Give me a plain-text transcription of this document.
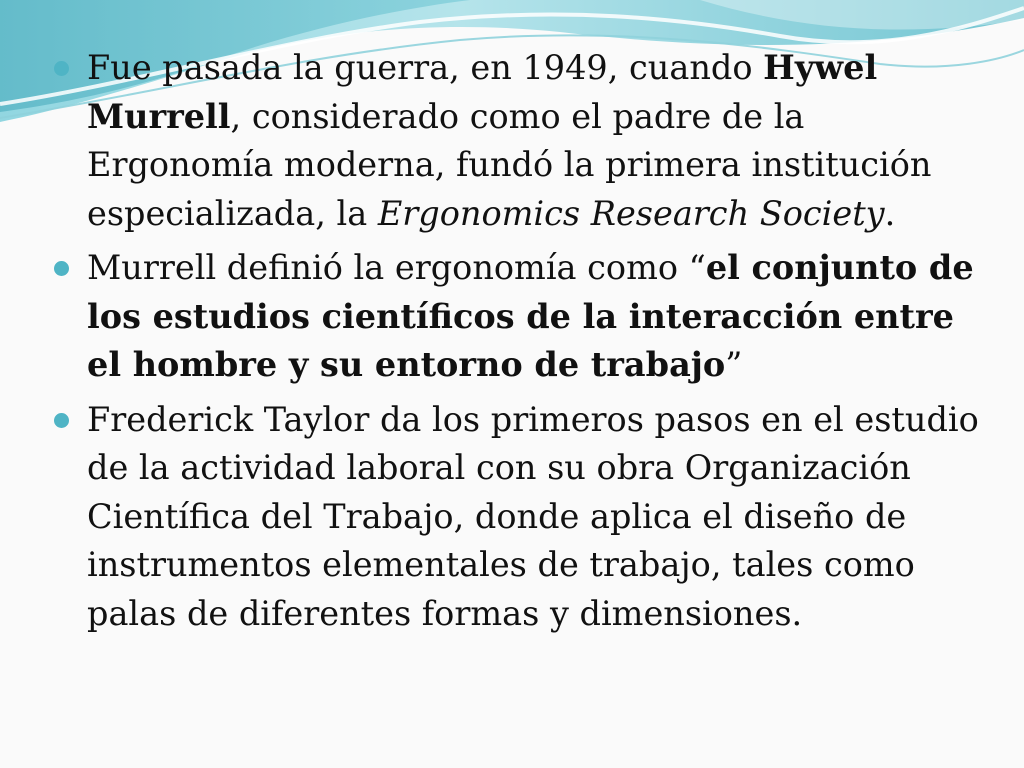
Fue pasada la guerra, en 1949, cuando Hywel
Murrell, considerado como el padre de la
Ergonomía moderna, fundó la primera institución
especializada, la Ergonomics Research Society.
Murrell definió la ergonomía como “el conjunto de
los estudios científicos de la interacción entre
el hombre y su entorno de trabajo”
Frederick Taylor da los primeros pasos en el estudio
de la actividad laboral con su obra Organización
Científica del Trabajo, donde aplica el diseño de
instrumentos elementales de trabajo, tales como
palas de diferentes formas y dimensiones.
